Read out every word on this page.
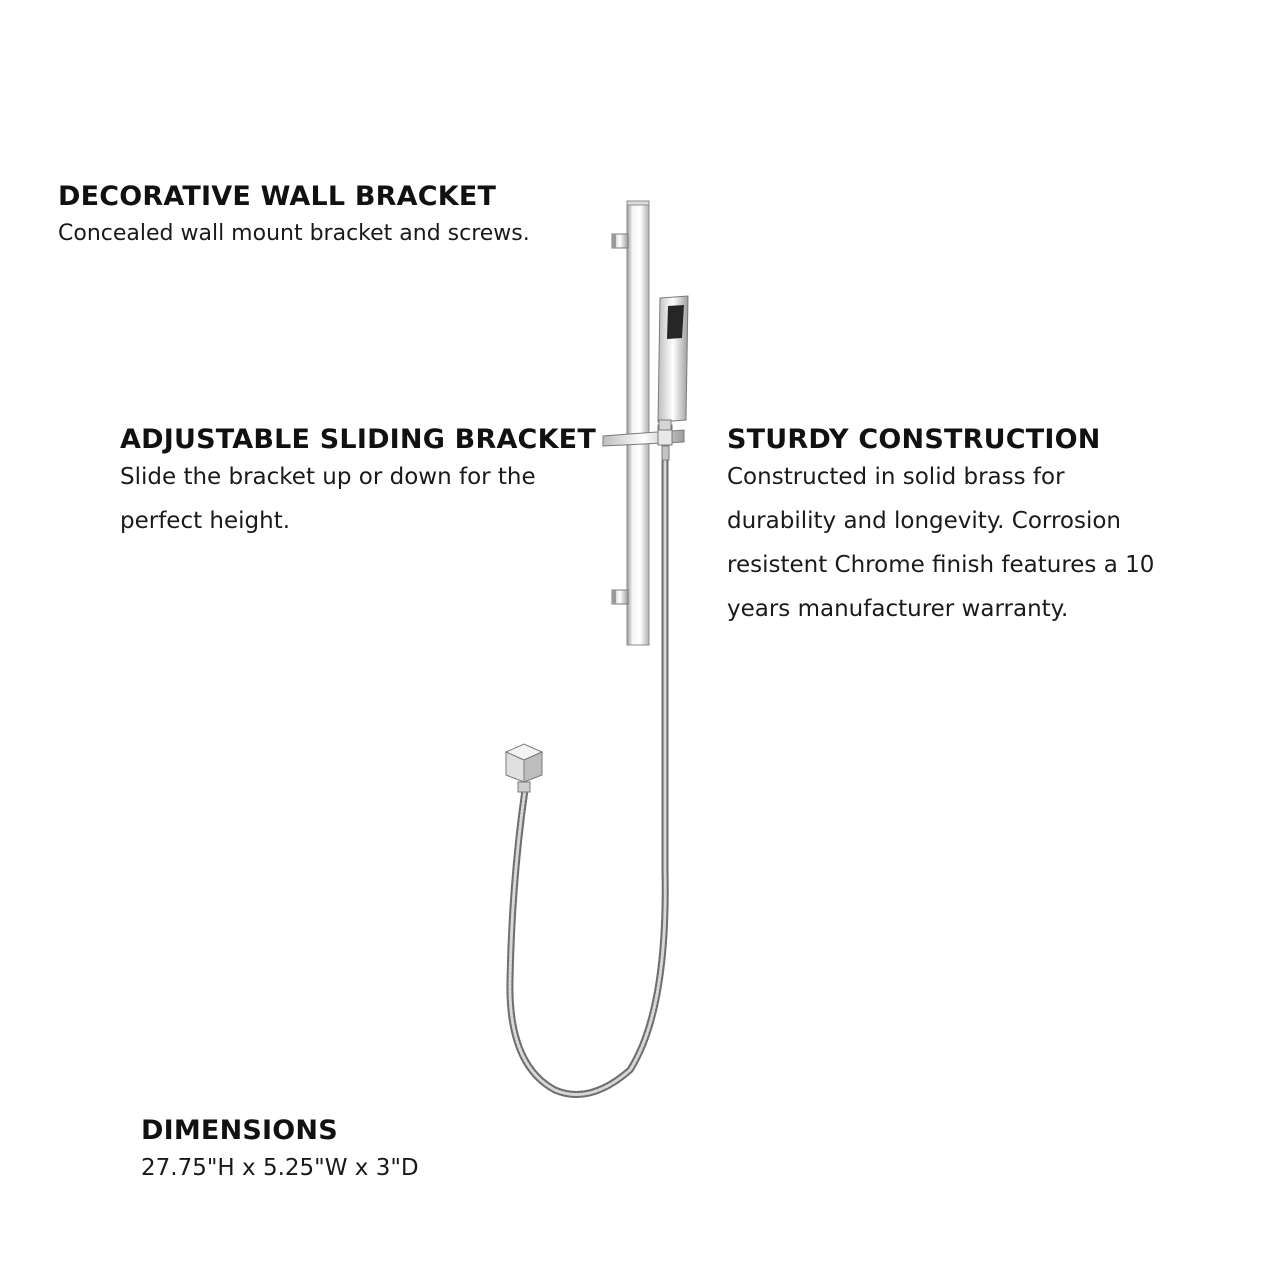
DECORATIVE WALL BRACKET

Concealed wall mount bracket and screws.

ADJUSTABLE SLIDING BRACKET

Slide the bracket up or down for the perfect height.

STURDY CONSTRUCTION

Constructed in solid brass for durability and longevity. Corrosion resistent Chrome finish features a 10 years manufacturer warranty.

DIMENSIONS

27.75"H x 5.25"W x 3"D
